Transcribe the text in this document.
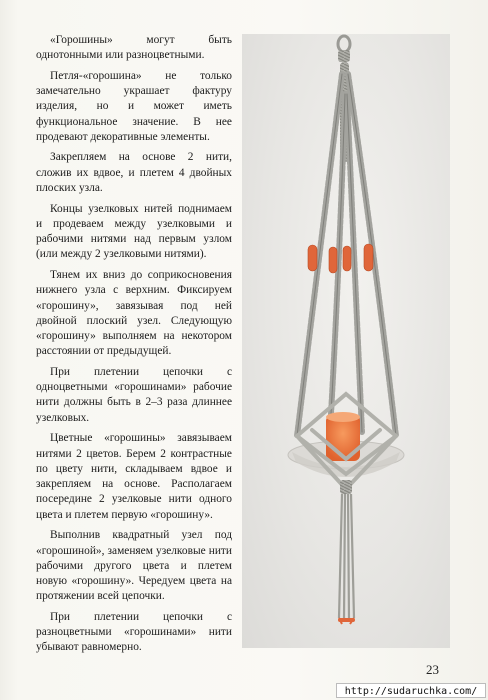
«Горошины» могут быть однотонными или разноцветными.

Петля-«горошина» не только замечательно украшает фактуру изделия, но и может иметь функциональное значение. В нее продевают декоративные элементы.

Закрепляем на основе 2 нити, сложив их вдвое, и плетем 4 двойных плоских узла.

Концы узелковых нитей поднимаем и продеваем между узелковыми и рабочими нитями над первым узлом (или между 2 узелковыми нитями).

Тянем их вниз до соприкосновения нижнего узла с верхним. Фиксируем «горошину», завязывая под ней двойной плоский узел. Следующую «горошину» выполняем на некотором расстоянии от предыдущей.

При плетении цепочки с одноцветными «горошинами» рабочие нити должны быть в 2–3 раза длиннее узелковых.

Цветные «горошины» завязываем нитями 2 цветов. Берем 2 контрастные по цвету нити, складываем вдвое и закрепляем на основе. Располагаем посередине 2 узелковые нити одного цвета и плетем первую «горошину».

Выполнив квадратный узел под «горошиной», заменяем узелковые нити рабочими другого цвета и плетем новую «горошину». Чередуем цвета на протяжении всей цепочки.

При плетении цепочки с разноцветными «горошинами» нити убывают равномерно.

23
http://sudaruchka.com/
